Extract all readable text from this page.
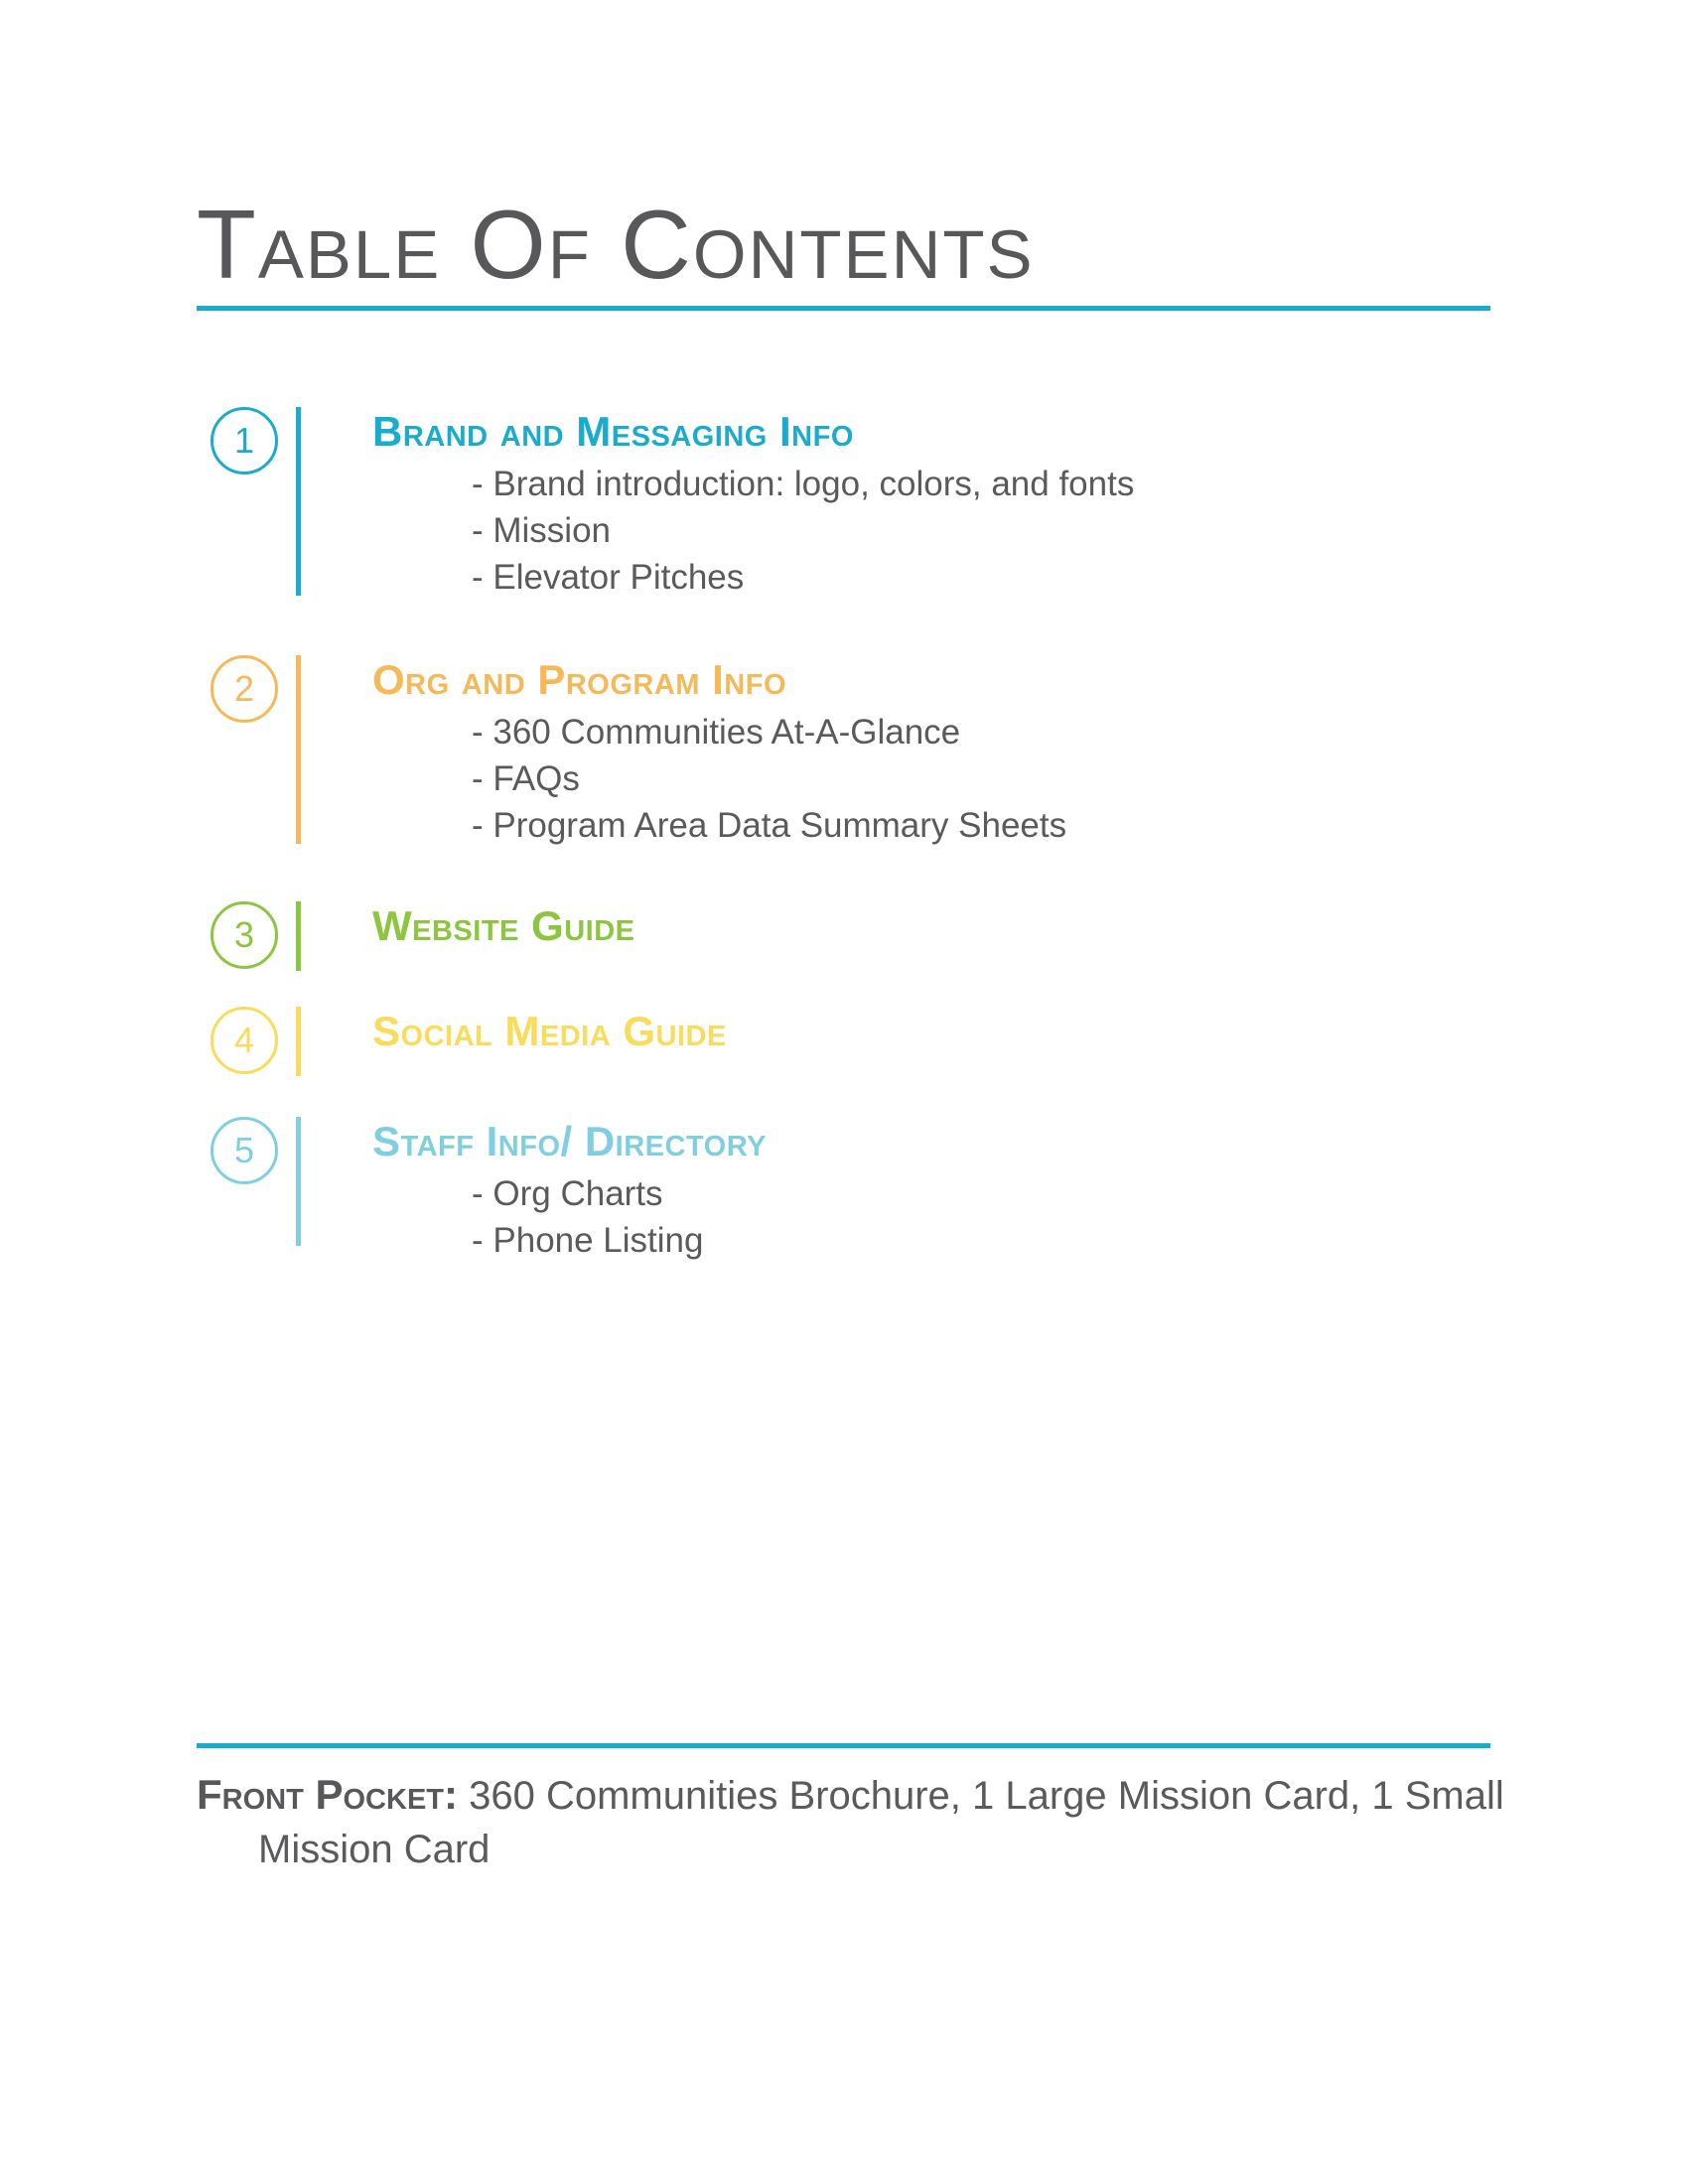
Table Of Contents
1	Brand and Messaging Info
- Brand introduction: logo, colors, and fonts
- Mission
- Elevator Pitches
2	Org and Program Info
- 360 Communities At-A-Glance
- FAQs
- Program Area Data Summary Sheets
3	Website Guide
4	Social Media Guide
5	Staff Info/ Directory
- Org Charts
- Phone Listing

Front Pocket: 360 Communities Brochure, 1 Large Mission Card, 1 Small Mission Card
